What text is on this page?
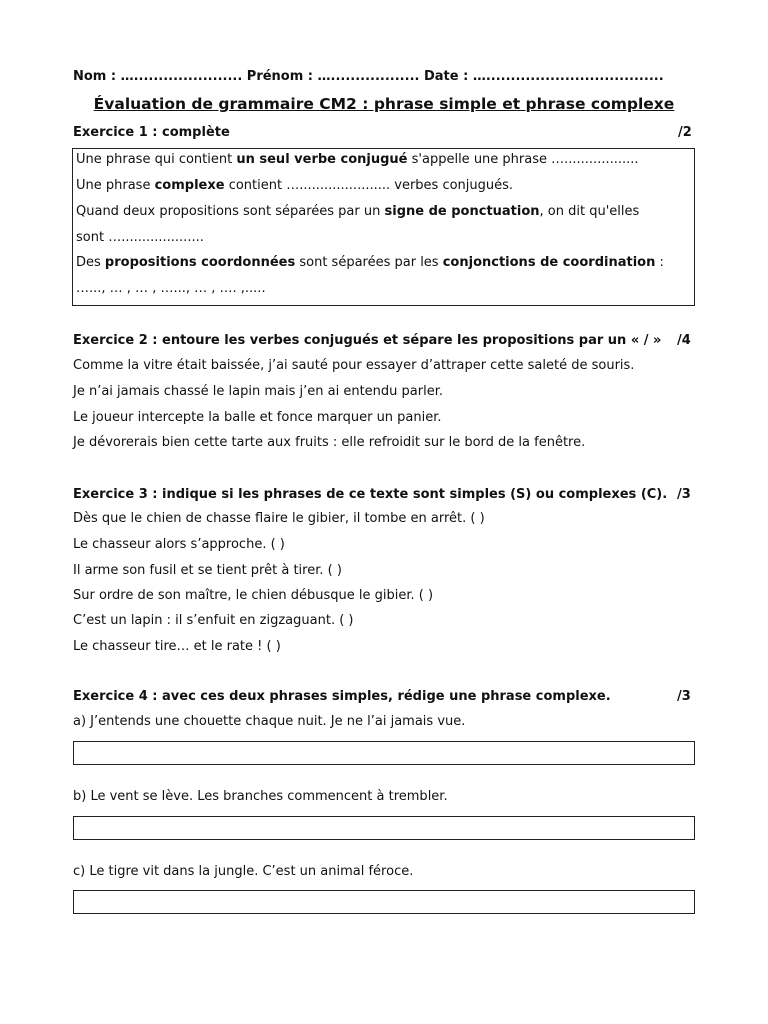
Nom : …...................... Prénom : ….................. Date : …....................................
Évaluation de grammaire CM2 : phrase simple et phrase complexe
Exercice 1 : complète	/2
Une phrase qui contient un seul verbe conjugué s'appelle une phrase …..................
Une phrase complexe contient …...................... verbes conjugués.
Quand deux propositions sont séparées par un signe de ponctuation, on dit qu'elles
sont …....................
Des propositions coordonnées sont séparées par les conjonctions de coordination :
…..., … , … , …..., … , …. ,.....
Exercice 2 : entoure les verbes conjugués et sépare les propositions par un « / » /4
Comme la vitre était baissée, j’ai sauté pour essayer d’attraper cette saleté de souris.
Je n’ai jamais chassé le lapin mais j’en ai entendu parler.
Le joueur intercepte la balle et fonce marquer un panier.
Je dévorerais bien cette tarte aux fruits : elle refroidit sur le bord de la fenêtre.
Exercice 3 : indique si les phrases de ce texte sont simples (S) ou complexes (C). /3
Dès que le chien de chasse flaire le gibier, il tombe en arrêt. ( )
Le chasseur alors s’approche. ( )
Il arme son fusil et se tient prêt à tirer. ( )
Sur ordre de son maître, le chien débusque le gibier. ( )
C’est un lapin : il s’enfuit en zigzaguant. ( )
Le chasseur tire… et le rate ! ( )
Exercice 4 : avec ces deux phrases simples, rédige une phrase complexe.	/3
a) J’entends une chouette chaque nuit. Je ne l’ai jamais vue.
b) Le vent se lève. Les branches commencent à trembler.
c) Le tigre vit dans la jungle. C’est un animal féroce.
